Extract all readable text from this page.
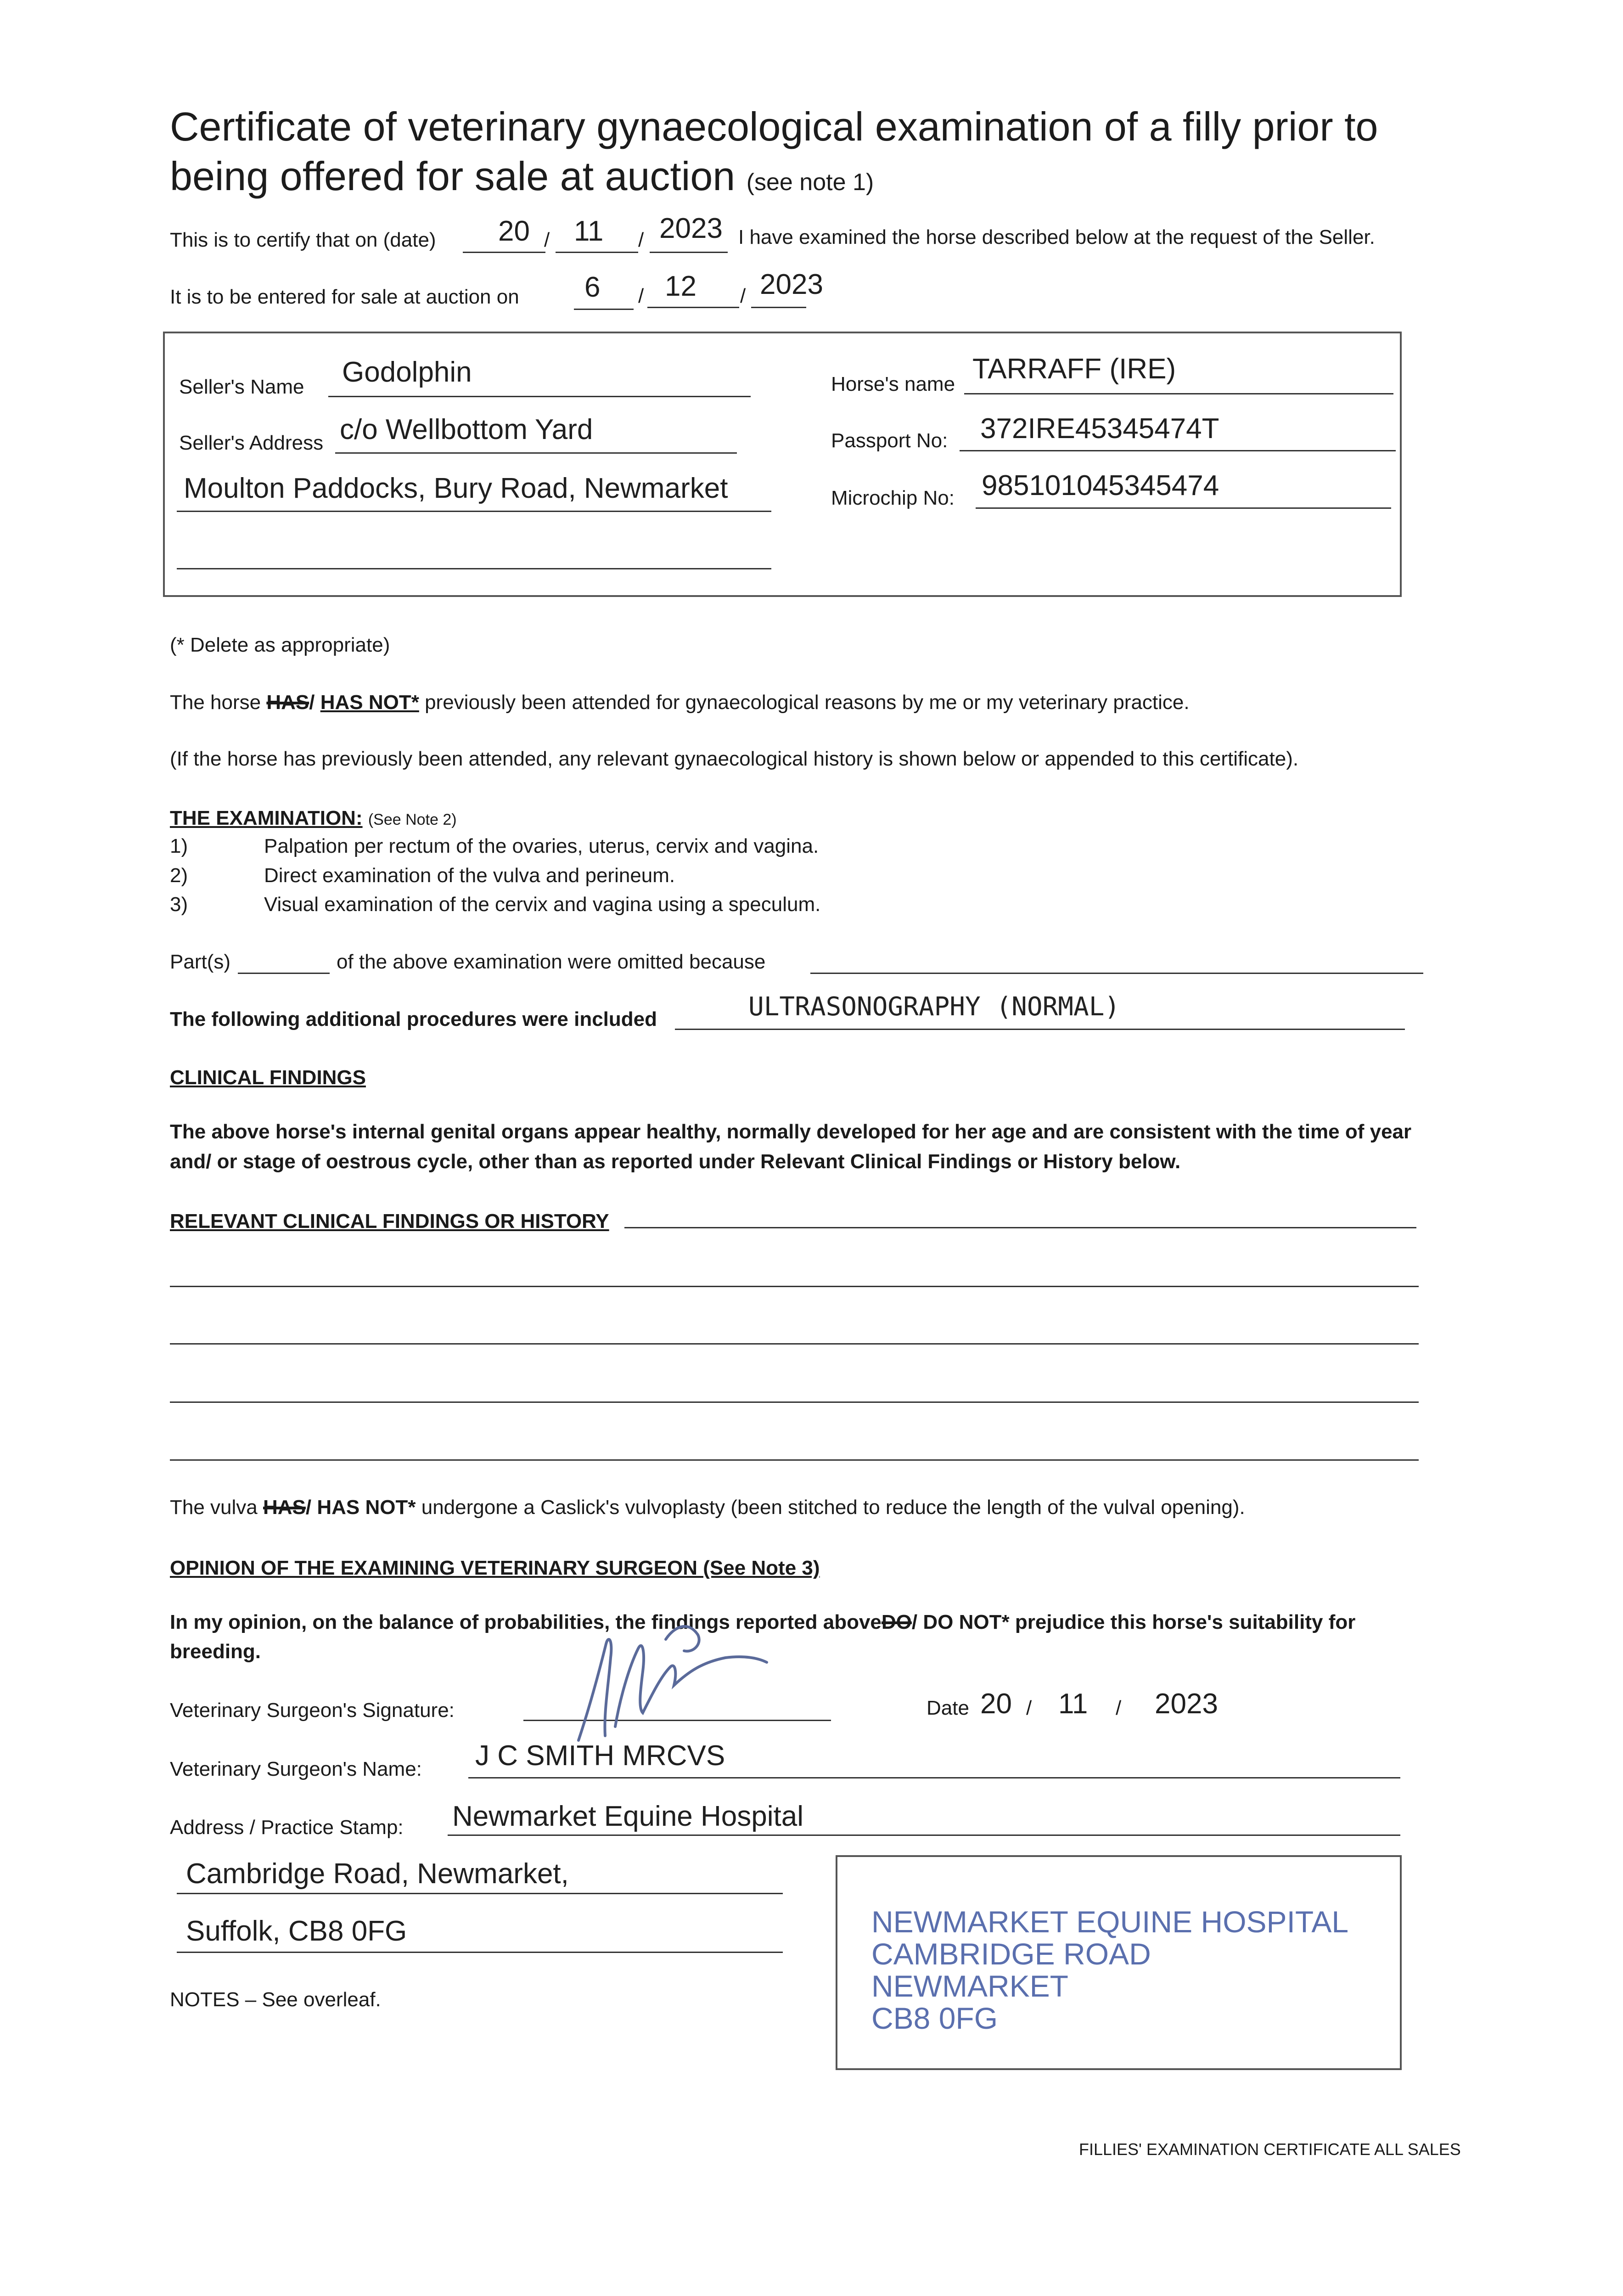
Certificate of veterinary gynaecological examination of a filly prior to
being offered for sale at auction (see note 1)
This is to certify that on (date) 20 / 11 / 2023 I have examined the horse described below at the request of the Seller.
It is to be entered for sale at auction on 6 / 12 / 2023
Seller's Name Godolphin
Seller's Address c/o Wellbottom Yard
Moulton Paddocks, Bury Road, Newmarket
Horse's name TARRAFF (IRE)
Passport No: 372IRE45345474T
Microchip No: 985101045345474
(* Delete as appropriate)
The horse HAS/ HAS NOT* previously been attended for gynaecological reasons by me or my veterinary practice.
(If the horse has previously been attended, any relevant gynaecological history is shown below or appended to this certificate).
THE EXAMINATION: (See Note 2)
1)	Palpation per rectum of the ovaries, uterus, cervix and vagina.
2)	Direct examination of the vulva and perineum.
3)	Visual examination of the cervix and vagina using a speculum.
Part(s)	of the above examination were omitted because
The following additional procedures were included	ULTRASONOGRAPHY (NORMAL)
CLINICAL FINDINGS
The above horse's internal genital organs appear healthy, normally developed for her age and are consistent with the time of year
and/ or stage of oestrous cycle, other than as reported under Relevant Clinical Findings or History below.
RELEVANT CLINICAL FINDINGS OR HISTORY
The vulva HAS/ HAS NOT* undergone a Caslick's vulvoplasty (been stitched to reduce the length of the vulval opening).
OPINION OF THE EXAMINING VETERINARY SURGEON (See Note 3)
In my opinion, on the balance of probabilities, the findings reported aboveDO/ DO NOT* prejudice this horse's suitability for
breeding.
Veterinary Surgeon's Signature:	Date 20 / 11 / 2023
Veterinary Surgeon's Name: J C SMITH MRCVS
Address / Practice Stamp: Newmarket Equine Hospital
Cambridge Road, Newmarket,
Suffolk, CB8 0FG	NEWMARKET EQUINE HOSPITAL
CAMBRIDGE ROAD
NEWMARKET
CB8 0FG
NOTES – See overleaf.
FILLIES' EXAMINATION CERTIFICATE ALL SALES
